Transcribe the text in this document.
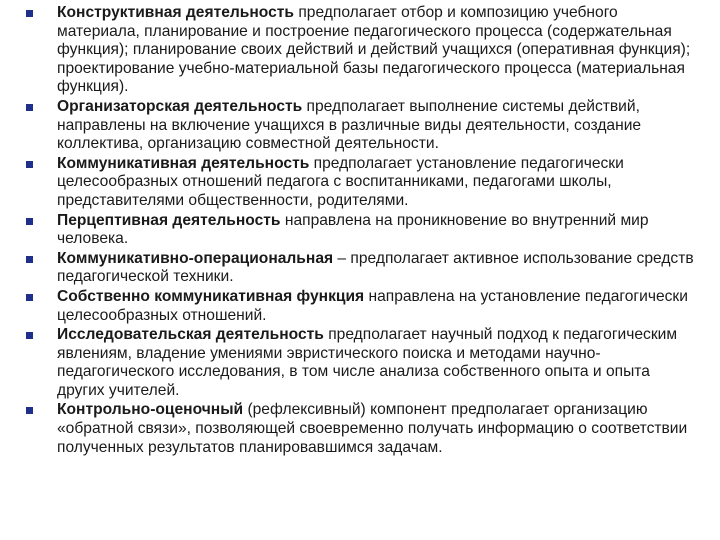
Конструктивная деятельность предполагает отбор и композицию учебного материала, планирование и построение педагогического процесса (содержательная функция); планирование своих действий и действий учащихся (оперативная функция); проектирование учебно-материальной базы педагогического процесса (материальная функция).
Организаторская деятельность предполагает выполнение системы действий, направлены на включение учащихся в различные виды деятельности, создание коллектива, организацию совместной деятельности.
Коммуникативная деятельность предполагает установление педагогически целесообразных отношений педагога с воспитанниками, педагогами школы, представителями общественности, родителями.
Перцептивная деятельность направлена на проникновение во внутренний мир человека.
Коммуникативно-операциональная – предполагает активное использование средств педагогической техники.
Собственно коммуникативная функция направлена на установление педагогически целесообразных отношений.
Исследовательская деятельность предполагает научный подход к педагогическим явлениям, владение умениями эвристического поиска и методами научно-педагогического исследования, в том числе анализа собственного опыта и опыта других учителей.
Контрольно-оценочный (рефлексивный) компонент предполагает организацию «обратной связи», позволяющей своевременно получать информацию о соответствии полученных результатов планировавшимся задачам.
